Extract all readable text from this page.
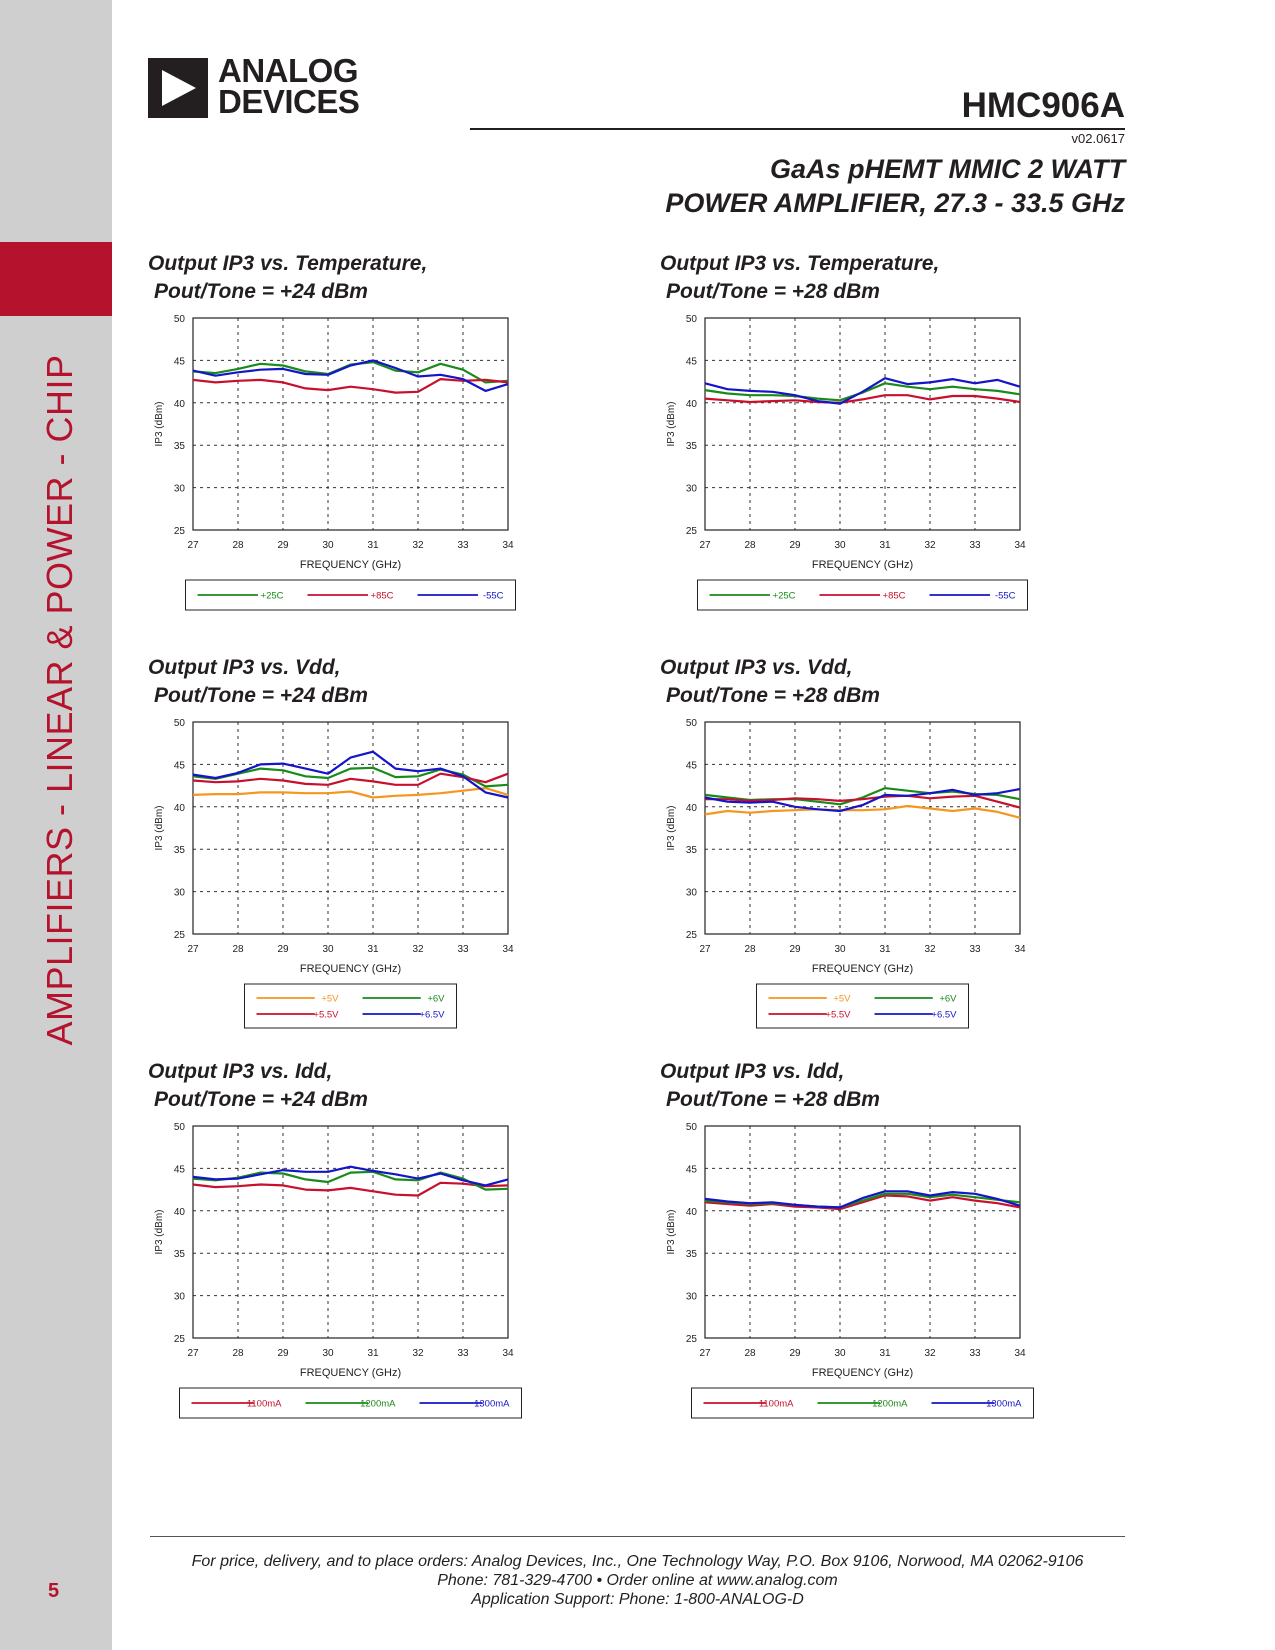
AMPLIFIERS - LINEAR & POWER - CHIP
5
ANALOG
DEVICES	HMC906A
v02.0617
GaAs pHEMT MMIC 2 WATT
POWER AMPLIFIER, 27.3 - 33.5 GHz

Output IP3 vs. Temperature,
Pout/Tone = +24 dBm

27	28	29	30	31	32	33	34
25
30
35
40
45
50
FREQUENCY (GHz)
IP3 (dBm)
+25C	+85C	-55C

Output IP3 vs. Temperature,
Pout/Tone = +28 dBm

27	28	29	30	31	32	33	34
25
30
35
40
45
50
FREQUENCY (GHz)
IP3 (dBm)
+25C	+85C	-55C

Output IP3 vs. Vdd,
Pout/Tone = +24 dBm

27	28	29	30	31	32	33	34
25
30
35
40
45
50
FREQUENCY (GHz)
IP3 (dBm)
+5V	+6V
+5.5V	+6.5V

Output IP3 vs. Vdd,
Pout/Tone = +28 dBm

27	28	29	30	31	32	33	34
25
30
35
40
45
50
FREQUENCY (GHz)
IP3 (dBm)
+5V	+6V
+5.5V	+6.5V

Output IP3 vs. Idd,
Pout/Tone = +24 dBm

27	28	29	30	31	32	33	34
25
30
35
40
45
50
FREQUENCY (GHz)
IP3 (dBm)
1100mA	1200mA	1300mA

Output IP3 vs. Idd,
Pout/Tone = +28 dBm

27	28	29	30	31	32	33	34
25
30
35
40
45
50
FREQUENCY (GHz)
IP3 (dBm)
1100mA	1200mA	1300mA
For price, delivery, and to place orders: Analog Devices, Inc., One Technology Way, P.O. Box 9106, Norwood, MA 02062-9106
Phone: 781-329-4700 • Order online at www.analog.com
Application Support: Phone: 1-800-ANALOG-D
